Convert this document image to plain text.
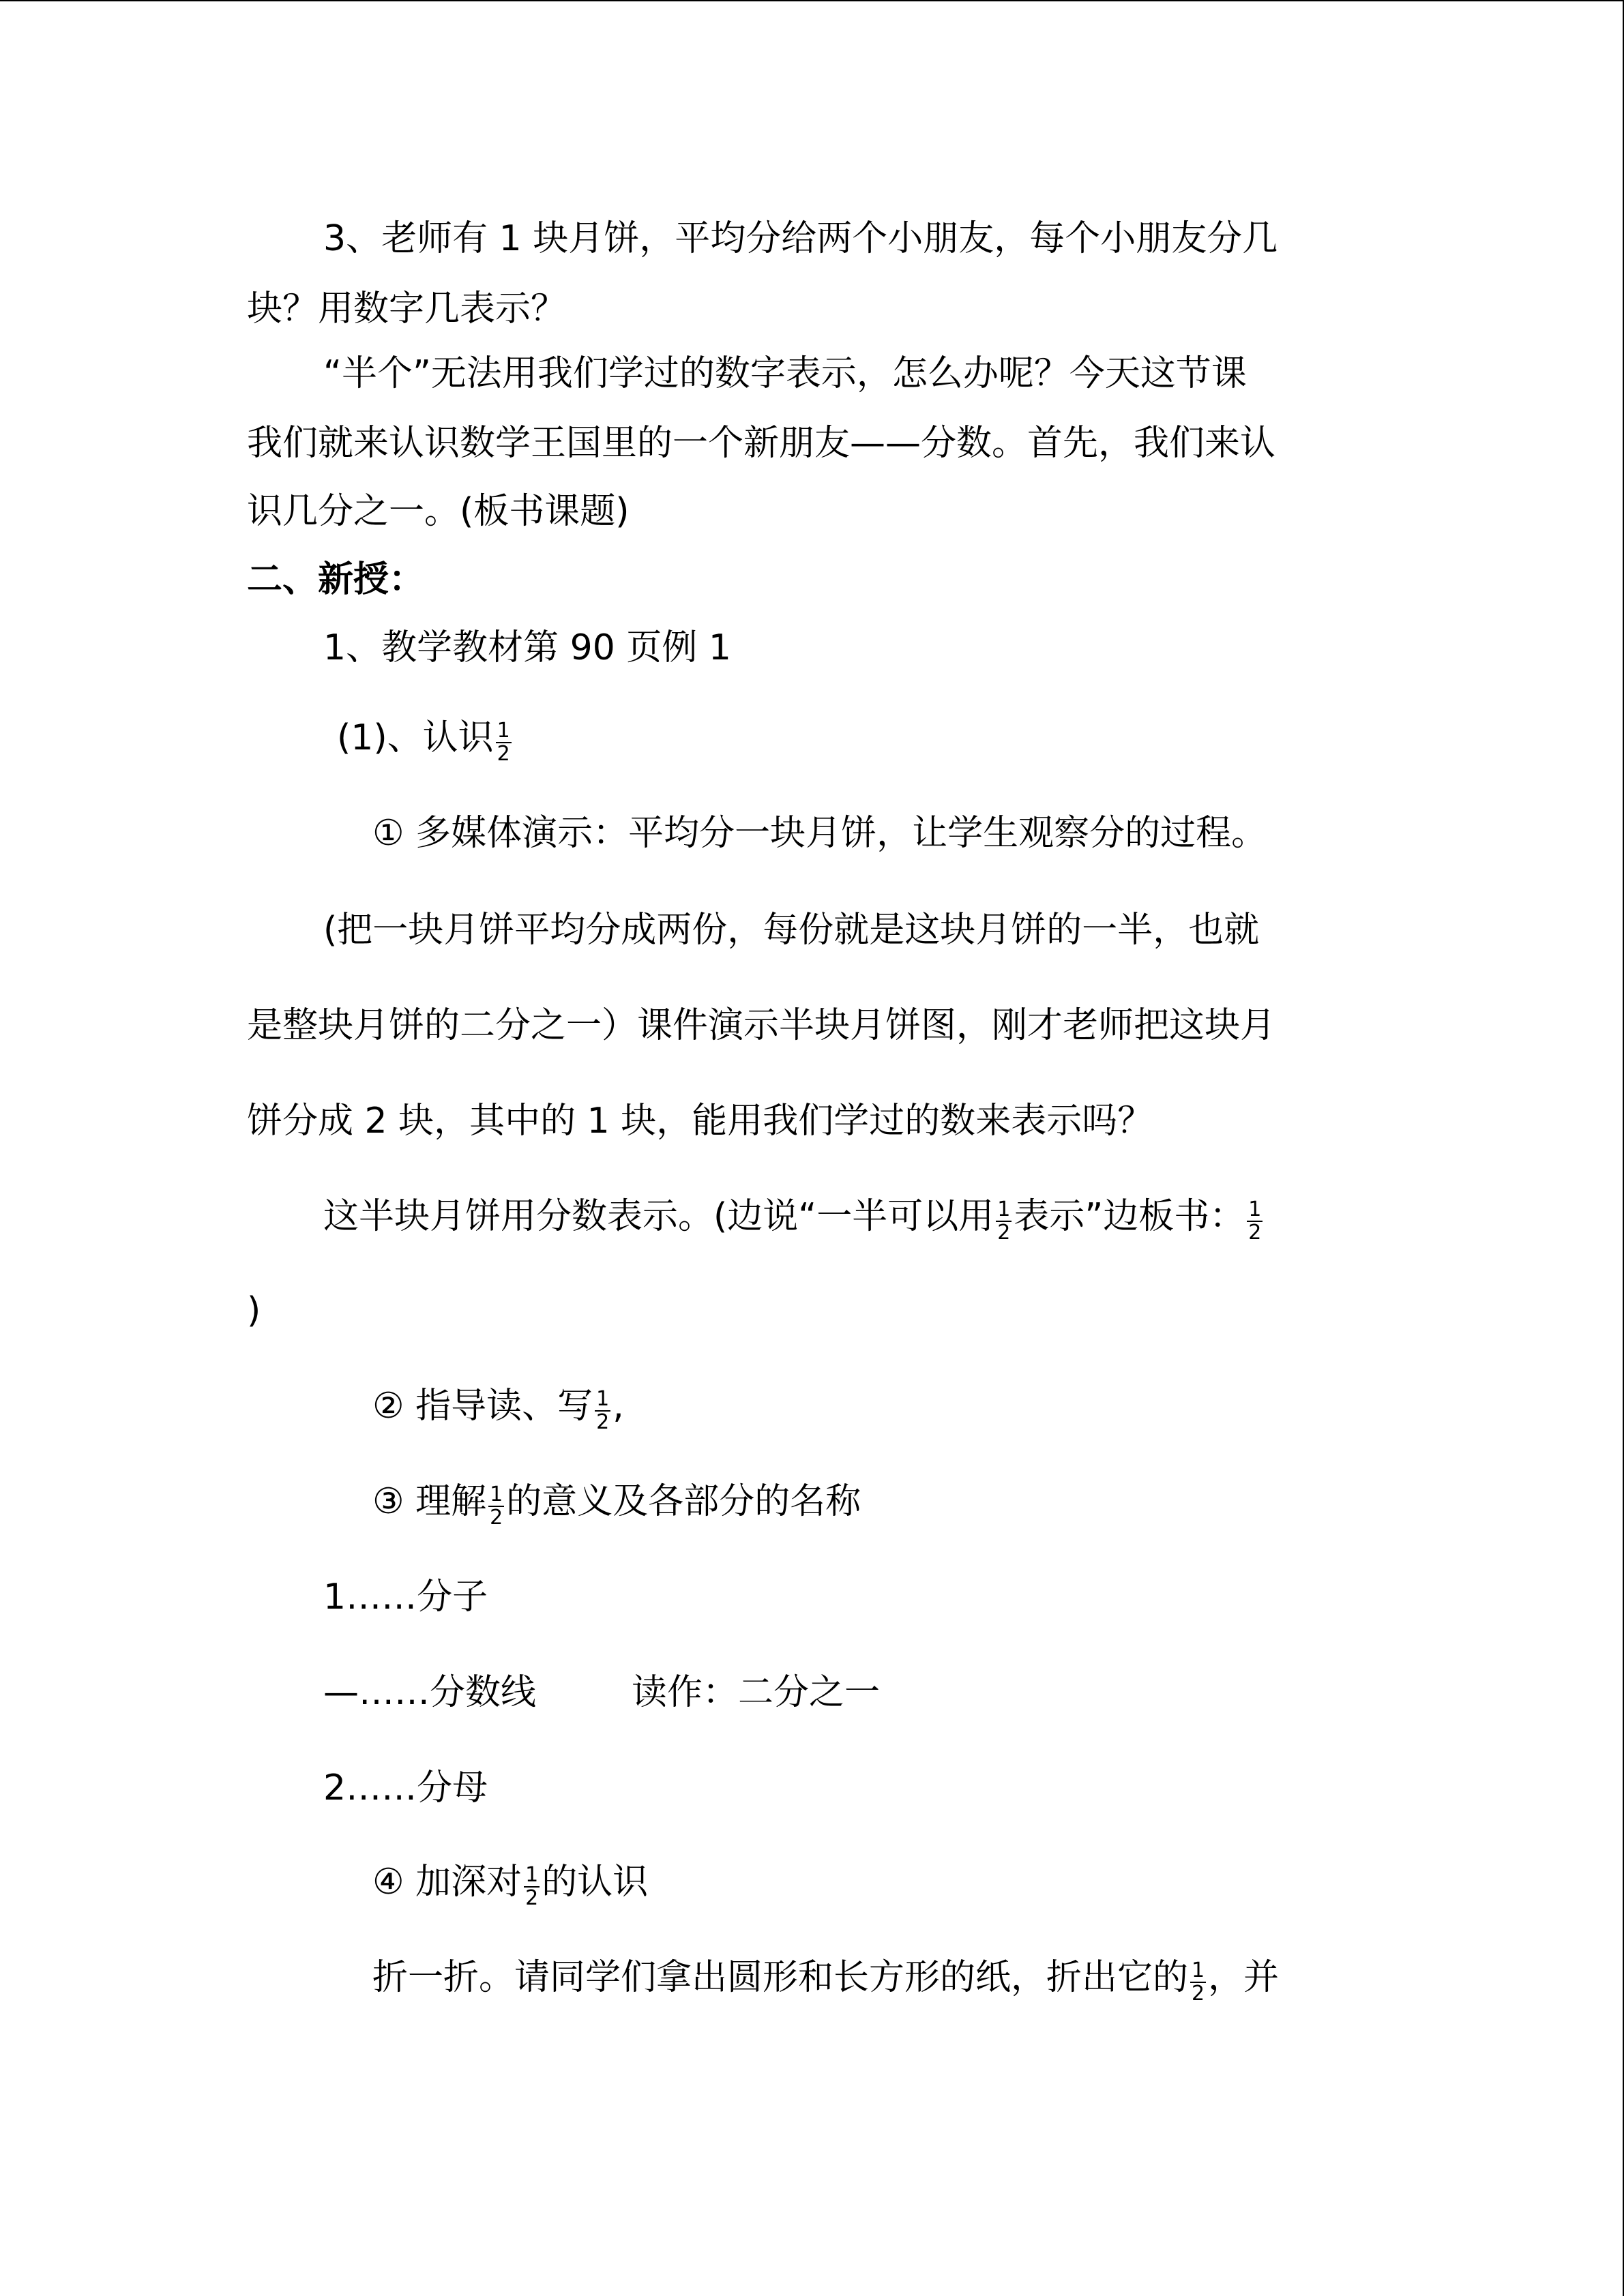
3、老师有 1 块月饼，平均分给两个小朋友，每个小朋友分几
块？用数字几表示？
“半个”无法用我们学过的数字表示，怎么办呢？今天这节课
我们就来认识数学王国里的一个新朋友——分数。首先，我们来认
识几分之一。(板书课题)
二、新授：
1、教学教材第 90 页例 1
(1)、认识 $\frac{1}{2}$
① 多媒体演示：平均分一块月饼，让学生观察分的过程。
(把一块月饼平均分成两份，每份就是这块月饼的一半，也就
是整块月饼的二分之一）课件演示半块月饼图，刚才老师把这块月
饼分成 2 块，其中的 1 块，能用我们学过的数来表示吗？
这半块月饼用分数表示。(边说“一半可以用 $\frac{1}{2}$ 表示”边板书： $\frac{1}{2}$
)
② 指导读、写 $\frac{1}{2}$ ,
③ 理解 $\frac{1}{2}$ 的意义及各部分的名称
1……分子
—……分数线	读作：二分之一
2……分母
④ 加深对 $\frac{1}{2}$ 的认识
折一折。请同学们拿出圆形和长方形的纸，折出它的 $\frac{1}{2}$ ，并
